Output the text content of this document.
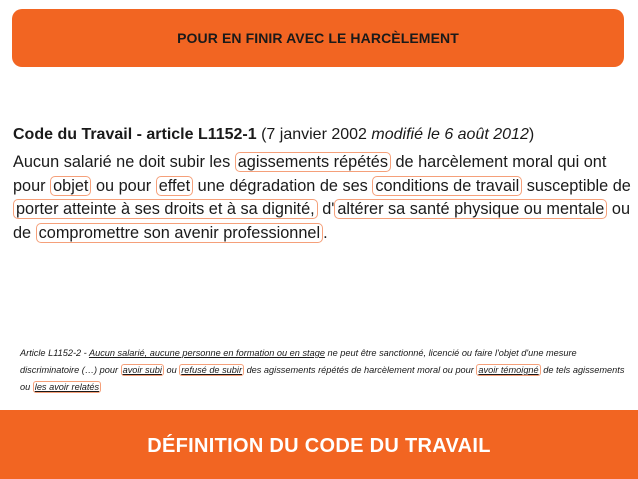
POUR EN FINIR AVEC LE HARCÈLEMENT
Code du Travail - article L1152-1 (7 janvier 2002 modifié le 6 août 2012)
Aucun salarié ne doit subir les agissements répétés de harcèlement moral qui ont pour objet ou pour effet une dégradation de ses conditions de travail susceptible de porter atteinte à ses droits et à sa dignité, d' altérer sa santé physique ou mentale ou de compromettre son avenir professionnel .
Article L1152-2 - Aucun salarié, aucune personne en formation ou en stage ne peut être sanctionné, licencié ou faire l'objet d'une mesure discriminatoire (…) pour avoir subi ou refusé de subir des agissements répétés de harcèlement moral ou pour avoir témoigné de tels agissements ou les avoir relatés
DÉFINITION DU CODE DU TRAVAIL
